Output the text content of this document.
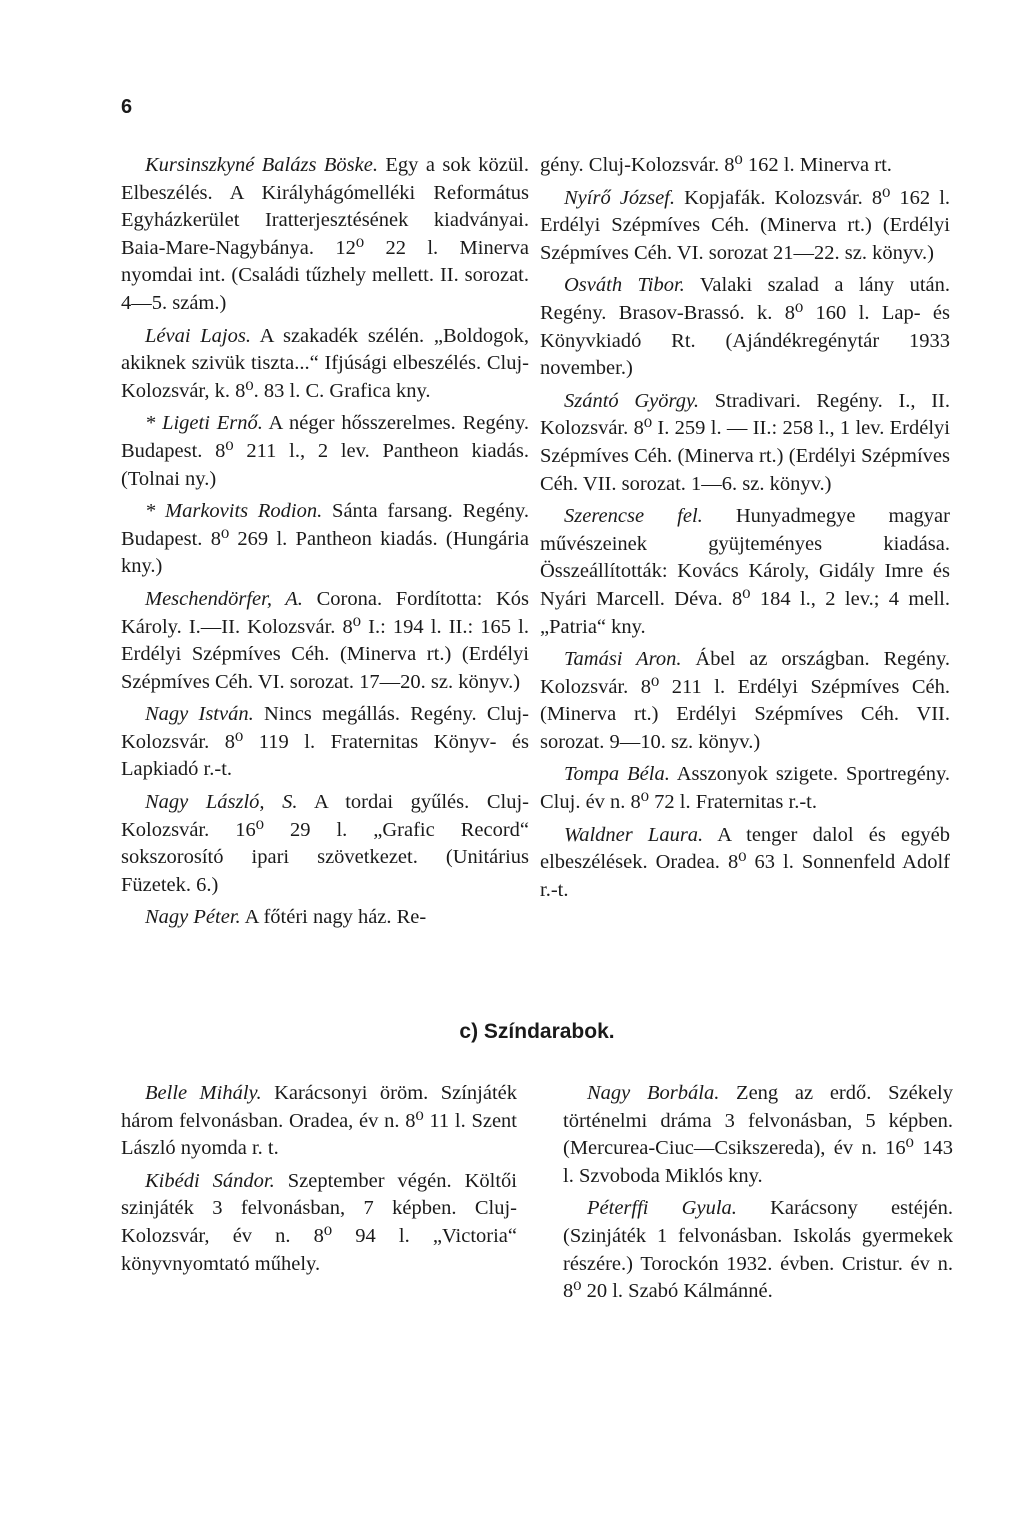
6

Kursinszkyné Balázs Böske. Egy a sok közül. Elbeszélés. A Királyhágómelléki Református Egyházkerület Iratterjesztésének kiadványai. Baia-Mare-Nagybánya. 12⁰ 22 l. Minerva nyomdai int. (Családi tűzhely mellett. II. sorozat. 4—5. szám.)

Lévai Lajos. A szakadék szélén. „Boldogok, akiknek szivük tiszta...“ Ifjúsági elbeszélés. Cluj-Kolozsvár, k. 8⁰. 83 l. C. Grafica kny.

* Ligeti Ernő. A néger hősszerelmes. Regény. Budapest. 8⁰ 211 l., 2 lev. Pantheon kiadás. (Tolnai ny.)

* Markovits Rodion. Sánta farsang. Regény. Budapest. 8⁰ 269 l. Pantheon kiadás. (Hungária kny.)

Meschendörfer, A. Corona. Fordította: Kós Károly. I.—II. Kolozsvár. 8⁰ I.: 194 l. II.: 165 l. Erdélyi Szépmíves Céh. (Minerva rt.) (Erdélyi Szépmíves Céh. VI. sorozat. 17—20. sz. könyv.)

Nagy István. Nincs megállás. Regény. Cluj-Kolozsvár. 8⁰ 119 l. Fraternitas Könyv- és Lapkiadó r.-t.

Nagy László, S. A tordai gyűlés. Cluj-Kolozsvár. 16⁰ 29 l. „Grafic Record“ sokszorosító ipari szövetkezet. (Unitárius Füzetek. 6.)

Nagy Péter. A főtéri nagy ház. Re-

gény. Cluj-Kolozsvár. 8⁰ 162 l. Minerva rt.

Nyírő József. Kopjafák. Kolozsvár. 8⁰ 162 l. Erdélyi Szépmíves Céh. (Minerva rt.) (Erdélyi Szépmíves Céh. VI. sorozat 21—22. sz. könyv.)

Osváth Tibor. Valaki szalad a lány után. Regény. Brasov-Brassó. k. 8⁰ 160 l. Lap- és Könyvkiadó Rt. (Ajándékregénytár 1933 november.)

Szántó György. Stradivari. Regény. I., II. Kolozsvár. 8⁰ I. 259 l. — II.: 258 l., 1 lev. Erdélyi Szépmíves Céh. (Minerva rt.) (Erdélyi Szépmíves Céh. VII. sorozat. 1—6. sz. könyv.)

Szerencse fel. Hunyadmegye magyar művészeinek gyüjteményes kiadása. Összeállították: Kovács Károly, Gidály Imre és Nyári Marcell. Déva. 8⁰ 184 l., 2 lev.; 4 mell. „Patria“ kny.

Tamási Aron. Ábel az országban. Regény. Kolozsvár. 8⁰ 211 l. Erdélyi Szépmíves Céh. (Minerva rt.) Erdélyi Szépmíves Céh. VII. sorozat. 9—10. sz. könyv.)

Tompa Béla. Asszonyok szigete. Sportregény. Cluj. év n. 8⁰ 72 l. Fraternitas r.-t.

Waldner Laura. A tenger dalol és egyéb elbeszélések. Oradea. 8⁰ 63 l. Sonnenfeld Adolf r.-t.

c) Színdarabok.

Belle Mihály. Karácsonyi öröm. Színjáték három felvonásban. Oradea, év n. 8⁰ 11 l. Szent László nyomda r. t.

Kibédi Sándor. Szeptember végén. Költői szinjáték 3 felvonásban, 7 képben. Cluj-Kolozsvár, év n. 8⁰ 94 l. „Victoria“ könyvnyomtató műhely.

Nagy Borbála. Zeng az erdő. Székely történelmi dráma 3 felvonásban, 5 képben. (Mercurea-Ciuc—Csikszereda), év n. 16⁰ 143 l. Szvoboda Miklós kny.

Péterffi Gyula. Karácsony estéjén. (Szinjáték 1 felvonásban. Iskolás gyermekek részére.) Torockón 1932. évben. Cristur. év n. 8⁰ 20 l. Szabó Kálmánné.
